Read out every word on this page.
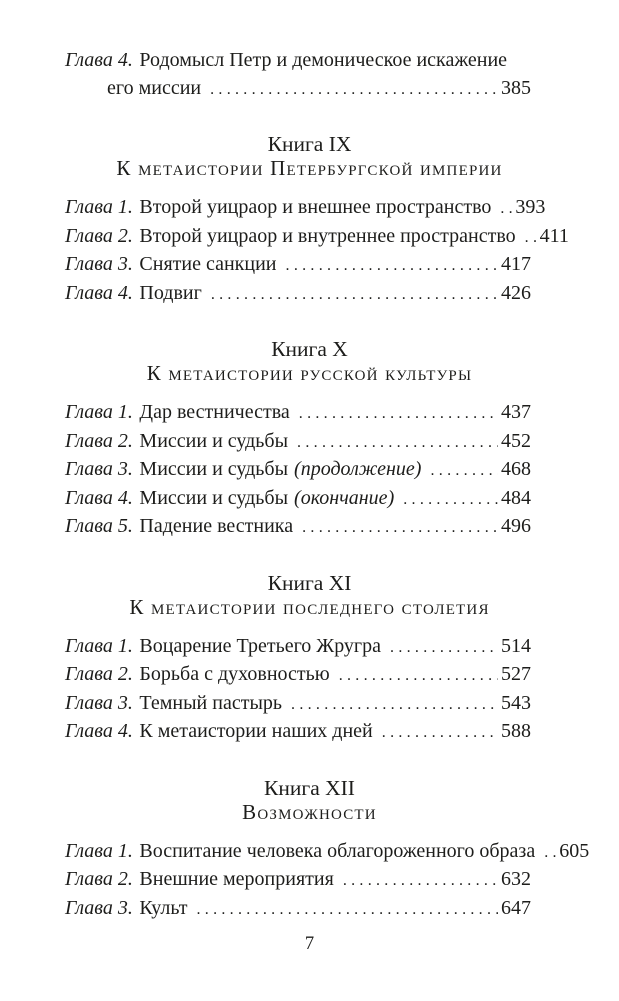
Глава 4. Родомысл Петр и демоническое искажение
его миссии .....	385
Книга IX
К метаистории Петербургской империи
Глава 1. Второй уицраор и внешнее пространство ..... 393
Глава 2. Второй уицраор и внутреннее пространство ..... 411
Глава 3. Снятие санкции .....	417
Глава 4. Подвиг .....	426
Книга X
К метаистории русской культуры
Глава 1. Дар вестничества .....	437
Глава 2. Миссии и судьбы .....	452
Глава 3. Миссии и судьбы (продолжение) .....	468
Глава 4. Миссии и судьбы (окончание) .....	484
Глава 5. Падение вестника .....	496
Книга XI
К метаистории последнего столетия
Глава 1. Воцарение Третьего Жругра .....	514
Глава 2. Борьба с духовностью .....	527
Глава 3. Темный пастырь .....	543
Глава 4. К метаистории наших дней .....	588
Книга XII
Возможности
Глава 1. Воспитание человека облагороженного образа ..... 605
Глава 2. Внешние мероприятия .....	632
Глава 3. Культ .....	647
7
